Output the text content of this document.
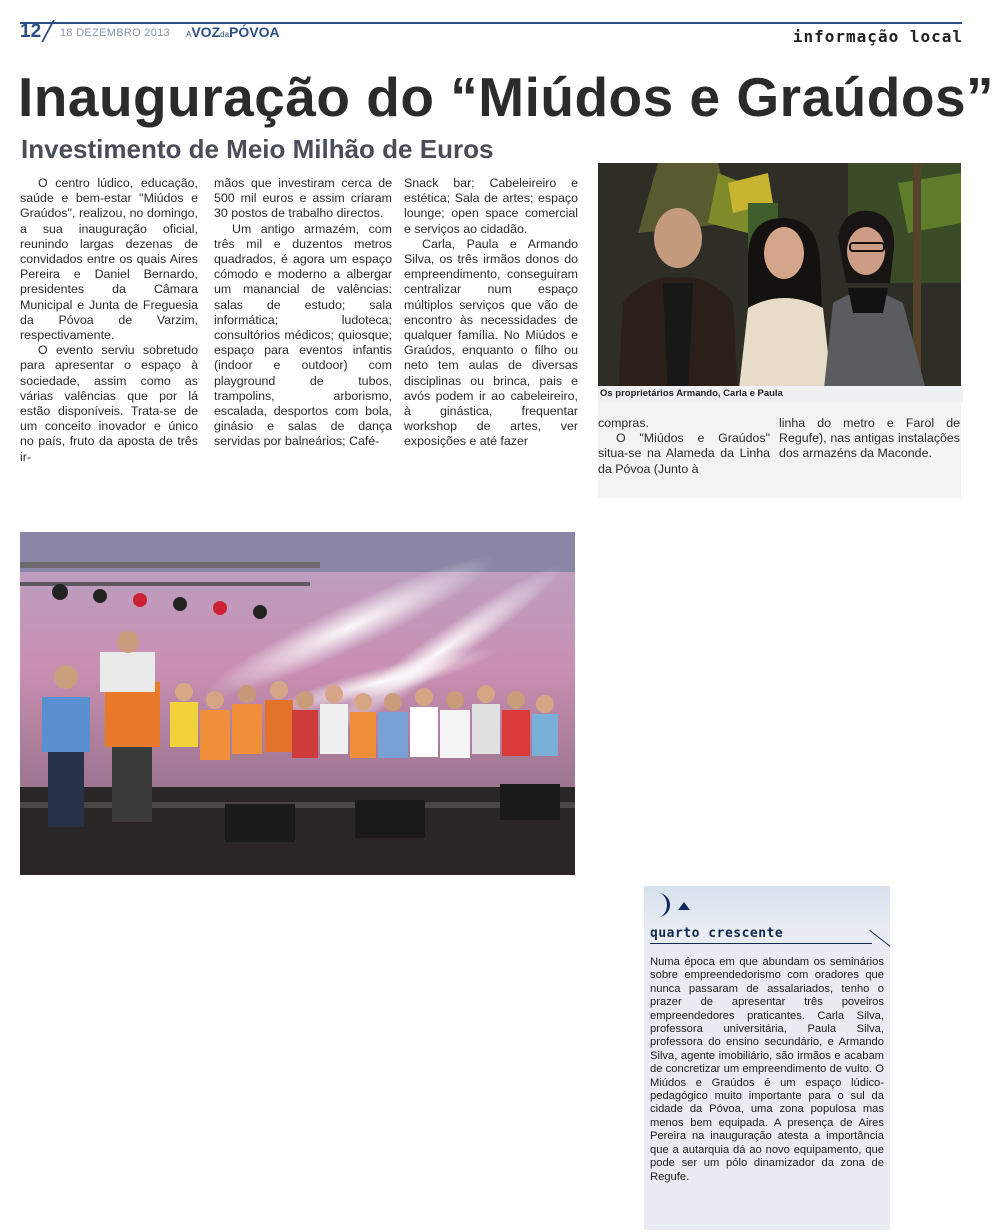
12 18 DEZEMBRO 2013 AVOZdaPÓVOA	informação local
Inauguração do “Miúdos e Graúdos”
Investimento de Meio Milhão de Euros

O centro lúdico, educação, saúde e bem-estar "Miúdos e Graúdos", realizou, no domingo, a sua inauguração oficial, reunindo largas dezenas de convidados entre os quais Aires Pereira e Daniel Bernardo, presidentes da Câmara Municipal e Junta de Freguesia da Póvoa de Varzim, respectivamente.

O evento serviu sobretudo para apresentar o espaço à sociedade, assim como as várias valências que por lá estão disponíveis. Trata-se de um conceito inovador e único no país, fruto da aposta de três ir-

mãos que investiram cerca de 500 mil euros e assim criaram 30 postos de trabalho directos.

Um antigo armazém, com três mil e duzentos metros quadrados, é agora um espaço cómodo e moderno a albergar um manancial de valências: salas de estudo; sala informática; ludoteca; consultórios médicos; quiosque; espaço para eventos infantis (indoor e outdoor) com playground de tubos, trampolins, arborismo, escalada, desportos com bola, ginásio e salas de dança servidas por balneários; Café-

Snack bar; Cabeleireiro e estética; Sala de artes; espaço lounge; open space comercial e serviços ao cidadão.

Carla, Paula e Armando Silva, os três irmãos donos do empreendimento, conseguiram centralizar num espaço múltiplos serviços que vão de encontro às necessidades de qualquer família. No Miúdos e Graúdos, enquanto o filho ou neto tem aulas de diversas disciplinas ou brinca, pais e avós podem ir ao cabeleireiro, à ginástica, frequentar workshop de artes, ver exposições e até fazer

Os proprietários Armando, Carla e Paula

compras.

O "Miúdos e Graúdos" situa-se na Alameda da Linha da Póvoa (Junto à

linha do metro e Farol de Regufe), nas antigas instalações dos armazéns da Maconde.

quarto crescente
Numa época em que abundam os seminários sobre empreendedorismo com oradores que nunca passaram de assalariados, tenho o prazer de apresentar três poveiros empreendedores praticantes. Carla Silva, professora universitária, Paula Silva, professora do ensino secundário, e Armando Silva, agente imobiliário, são irmãos e acabam de concretizar um empreendimento de vulto. O Miúdos e Graúdos é um espaço lúdico-pedagógico muito importante para o sul da cidade da Póvoa, uma zona populosa mas menos bem equipada. A presença de Aires Pereira na inauguração atesta a importância que a autarquia dá ao novo equipamento, que pode ser um pólo dinamizador da zona de Regufe.
